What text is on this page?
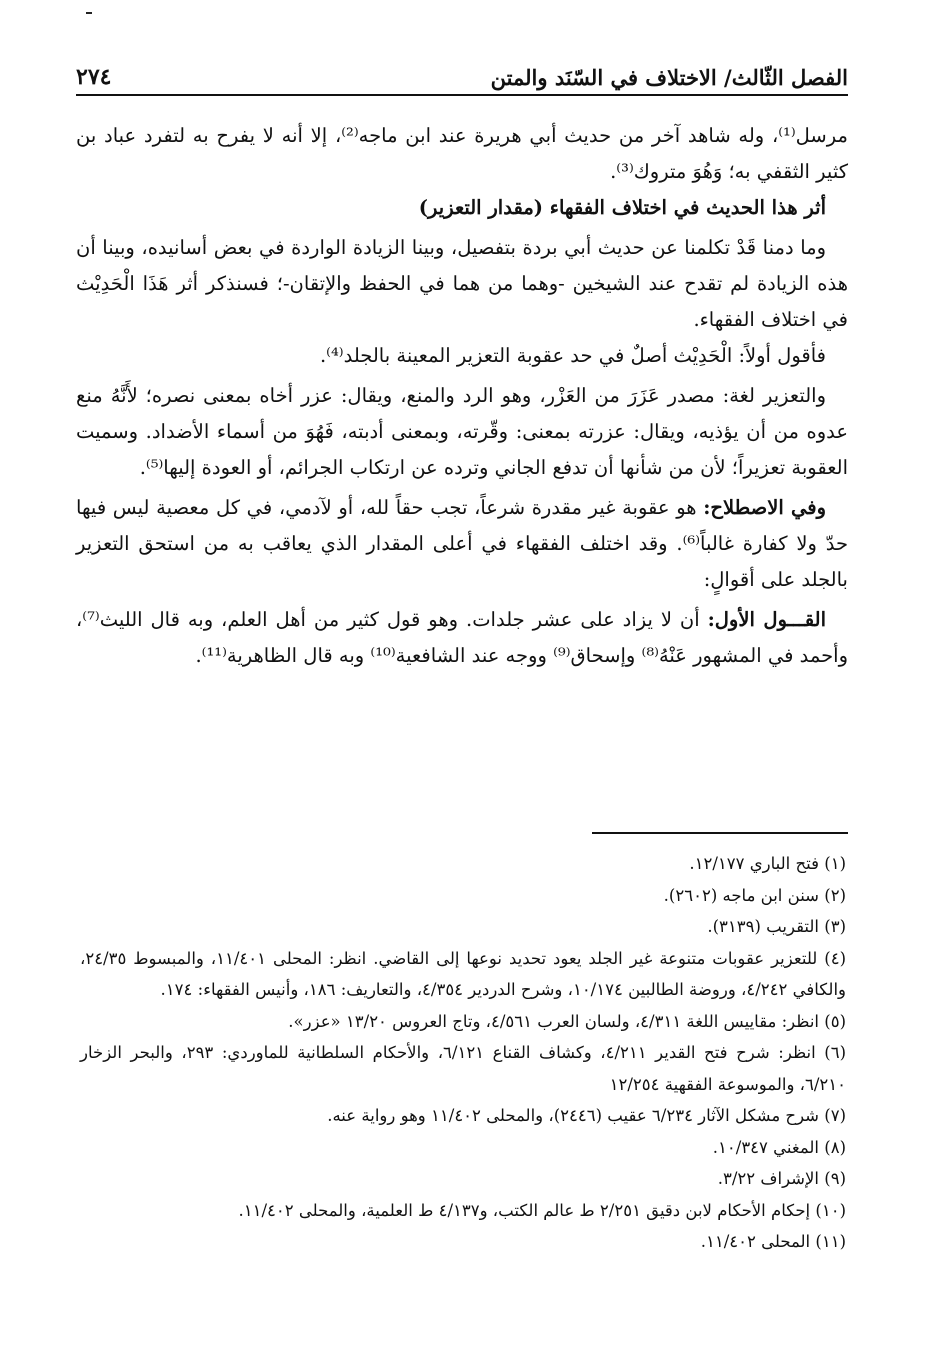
الفصل الثّالث/ الاختلاف في السّنَد والمتن
٢٧٤

مرسل⁽¹⁾، وله شاهد آخر من حديث أبي هريرة عند ابن ماجه⁽²⁾، إلا أنه لا يفرح به لتفرد عباد بن كثير الثقفي به؛ وَهُوَ متروك⁽³⁾.

أثر هذا الحديث في اختلاف الفقهاء (مقدار التعزير)

وما دمنا قَدْ تكلمنا عن حديث أبي بردة بتفصيل، وبينا الزيادة الواردة في بعض أسانيده، وبينا أن هذه الزيادة لم تقدح عند الشيخين -وهما من هما في الحفظ والإتقان-؛ فسنذكر أثر هَذَا الْحَدِيْث في اختلاف الفقهاء.

فأقول أولاً: الْحَدِيْث أصلٌ في حد عقوبة التعزير المعينة بالجلد⁽⁴⁾.

والتعزير لغة: مصدر عَزَرَ من العَزْر، وهو الرد والمنع، ويقال: عزر أخاه بمعنى نصره؛ لأَنَّهُ منع عدوه من أن يؤذيه، ويقال: عزرته بمعنى: وقّرته، وبمعنى أدبته، فَهُوَ من أسماء الأضداد. وسميت العقوبة تعزيراً؛ لأن من شأنها أن تدفع الجاني وترده عن ارتكاب الجرائم، أو العودة إليها⁽⁵⁾.

وفي الاصطلاح: هو عقوبة غير مقدرة شرعاً، تجب حقاً لله، أو لآدمي، في كل معصية ليس فيها حدّ ولا كفارة غالباً⁽⁶⁾. وقد اختلف الفقهاء في أعلى المقدار الذي يعاقب به من استحق التعزير بالجلد على أقوالٍ:

القـــول الأول: أن لا يزاد على عشر جلدات. وهو قول كثير من أهل العلم، وبه قال الليث⁽⁷⁾، وأحمد في المشهور عَنْهُ⁽⁸⁾ وإسحاق⁽⁹⁾ ووجه عند الشافعية⁽¹⁰⁾ وبه قال الظاهرية⁽¹¹⁾.

(١) فتح الباري ١٢/١٧٧.

(٢) سنن ابن ماجه (٢٦٠٢).

(٣) التقريب (٣١٣٩).

(٤) للتعزير عقوبات متنوعة غير الجلد يعود تحديد نوعها إلى القاضي. انظر: المحلى ١١/٤٠١، والمبسوط ٢٤/٣٥، والكافي ٤/٢٤٢، وروضة الطالبين ١٠/١٧٤، وشرح الدردير ٤/٣٥٤، والتعاريف: ١٨٦، وأنيس الفقهاء: ١٧٤.

(٥) انظر: مقاييس اللغة ٤/٣١١، ولسان العرب ٤/٥٦١، وتاج العروس ١٣/٢٠ «عزر».

(٦) انظر: شرح فتح القدير ٤/٢١١، وكشاف القناع ٦/١٢١، والأحكام السلطانية للماوردي: ٢٩٣، والبحر الزخار ٦/٢١٠، والموسوعة الفقهية ١٢/٢٥٤

(٧) شرح مشكل الآثار ٦/٢٣٤ عقيب (٢٤٤٦)، والمحلى ١١/٤٠٢ وهو رواية عنه.

(٨) المغني ١٠/٣٤٧.

(٩) الإشراف ٣/٢٢.

(١٠) إحكام الأحكام لابن دقيق ٢/٢٥١ ط عالم الكتب، و٤/١٣٧ ط العلمية، والمحلى ١١/٤٠٢.

(١١) المحلى ١١/٤٠٢.
